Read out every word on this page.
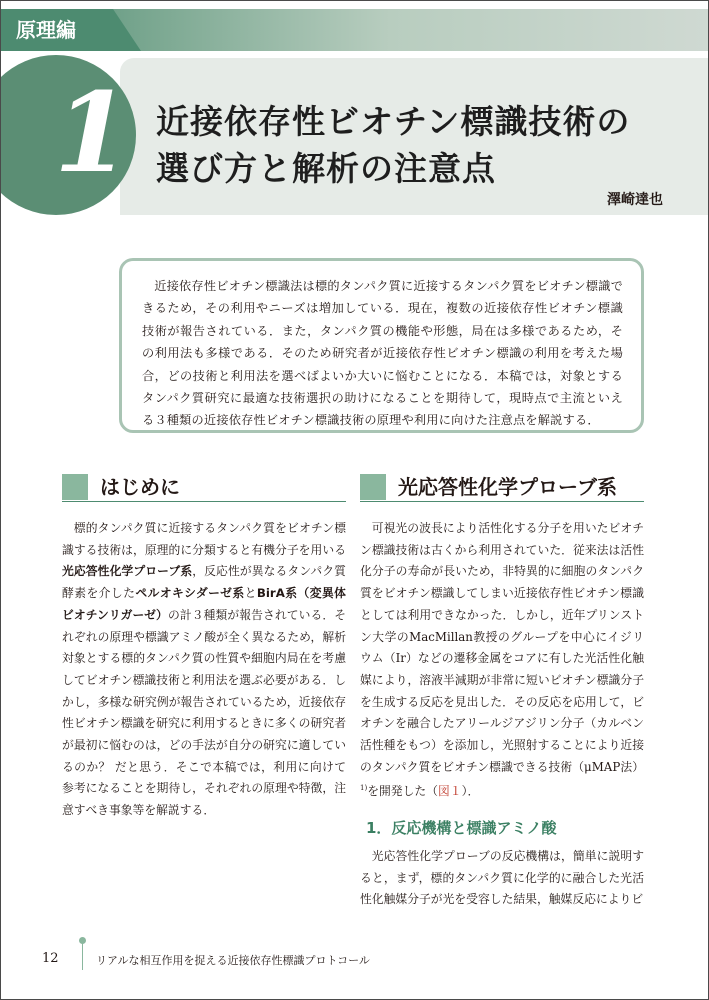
原理編
1 近接依存性ビオチン標識技術の
選び方と解析の注意点
澤崎達也

近接依存性ビオチン標識法は標的タンパク質に近接するタンパク質をビオチン標識できるため，その利用やニーズは増加している．現在，複数の近接依存性ビオチン標識技術が報告されている．また，タンパク質の機能や形態，局在は多様であるため，その利用法も多様である．そのため研究者が近接依存性ビオチン標識の利用を考えた場合，どの技術と利用法を選べばよいか大いに悩むことになる．本稿では，対象とするタンパク質研究に最適な技術選択の助けになることを期待して，現時点で主流といえる３種類の近接依存性ビオチン標識技術の原理や利用に向けた注意点を解説する．

はじめに

標的タンパク質に近接するタンパク質をビオチン標識する技術は，原理的に分類すると有機分子を用いる光応答性化学プローブ系，反応性が異なるタンパク質酵素を介したペルオキシダーゼ系とBirA系（変異体ビオチンリガーゼ）の計３種類が報告されている．それぞれの原理や標識アミノ酸が全く異なるため，解析対象とする標的タンパク質の性質や細胞内局在を考慮してビオチン標識技術と利用法を選ぶ必要がある．しかし，多様な研究例が報告されているため，近接依存性ビオチン標識を研究に利用するときに多くの研究者が最初に悩むのは，どの手法が自分の研究に適しているのか？ だと思う．そこで本稿では，利用に向けて参考になることを期待し，それぞれの原理や特徴，注意すべき事象等を解説する．

光応答性化学プローブ系

可視光の波長により活性化する分子を用いたビオチン標識技術は古くから利用されていた．従来法は活性化分子の寿命が長いため，非特異的に細胞のタンパク質をビオチン標識してしまい近接依存性ビオチン標識としては利用できなかった．しかし，近年プリンストン大学のMacMillan教授のグループを中心にイジリウム（Ir）などの遷移金属をコアに有した光活性化触媒により，溶液半減期が非常に短いビオチン標識分子を生成する反応を見出した．その反応を応用して，ビオチンを融合したアリールジアジリン分子（カルベン活性種をもつ）を添加し，光照射することにより近接のタンパク質をビオチン標識できる技術（μMAP法）$^{1)}$を開発した（図１）．

1．反応機構と標識アミノ酸

光応答性化学プローブの反応機構は，簡単に説明すると，まず，標的タンパク質に化学的に融合した光活性化触媒分子が光を受容した結果，触媒反応によりビ

12	リアルな相互作用を捉える近接依存性標識プロトコール
